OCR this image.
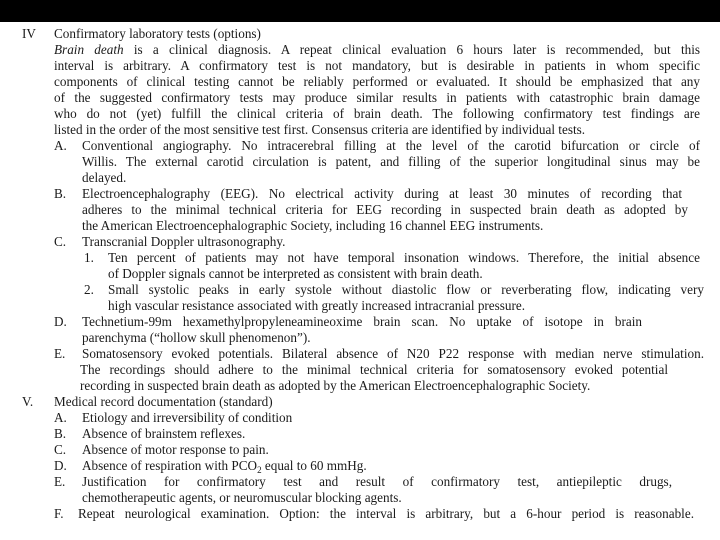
IV Confirmatory laboratory tests (options)
Brain death is a clinical diagnosis. A repeat clinical evaluation 6 hours later is recommended, but this
interval is arbitrary. A confirmatory test is not mandatory, but is desirable in patients in whom specific
components of clinical testing cannot be reliably performed or evaluated. It should be emphasized that any
of the suggested confirmatory tests may produce similar results in patients with catastrophic brain damage
who do not (yet) fulfill the clinical criteria of brain death. The following confirmatory test findings are
listed in the order of the most sensitive test first. Consensus criteria are identified by individual tests.
A. Conventional angiography. No intracerebral filling at the level of the carotid bifurcation or circle of
Willis. The external carotid circulation is patent, and filling of the superior longitudinal sinus may be
delayed.
B. Electroencephalography (EEG). No electrical activity during at least 30 minutes of recording that
adheres to the minimal technical criteria for EEG recording in suspected brain death as adopted by
the American Electroencephalographic Society, including 16 channel EEG instruments.
C. Transcranial Doppler ultrasonography.
1. Ten percent of patients may not have temporal insonation windows. Therefore, the initial absence
of Doppler signals cannot be interpreted as consistent with brain death.
2. Small systolic peaks in early systole without diastolic flow or reverberating flow, indicating very
high vascular resistance associated with greatly increased intracranial pressure.
D. Technetium-99m hexamethylpropyleneamineoxime brain scan. No uptake of isotope in brain
parenchyma (“hollow skull phenomenon”).
E. Somatosensory evoked potentials. Bilateral absence of N20 P22 response with median nerve stimulation.
The recordings should adhere to the minimal technical criteria for somatosensory evoked potential
recording in suspected brain death as adopted by the American Electroencephalographic Society.
V. Medical record documentation (standard)
A. Etiology and irreversibility of condition
B. Absence of brainstem reflexes.
C. Absence of motor response to pain.
D. Absence of respiration with $PCO_2$ equal to 60 mmHg.
E. Justification for confirmatory test and result of confirmatory test, antiepileptic drugs,
chemotherapeutic agents, or neuromuscular blocking agents.
F. Repeat neurological examination. Option: the interval is arbitrary, but a 6-hour period is reasonable.
